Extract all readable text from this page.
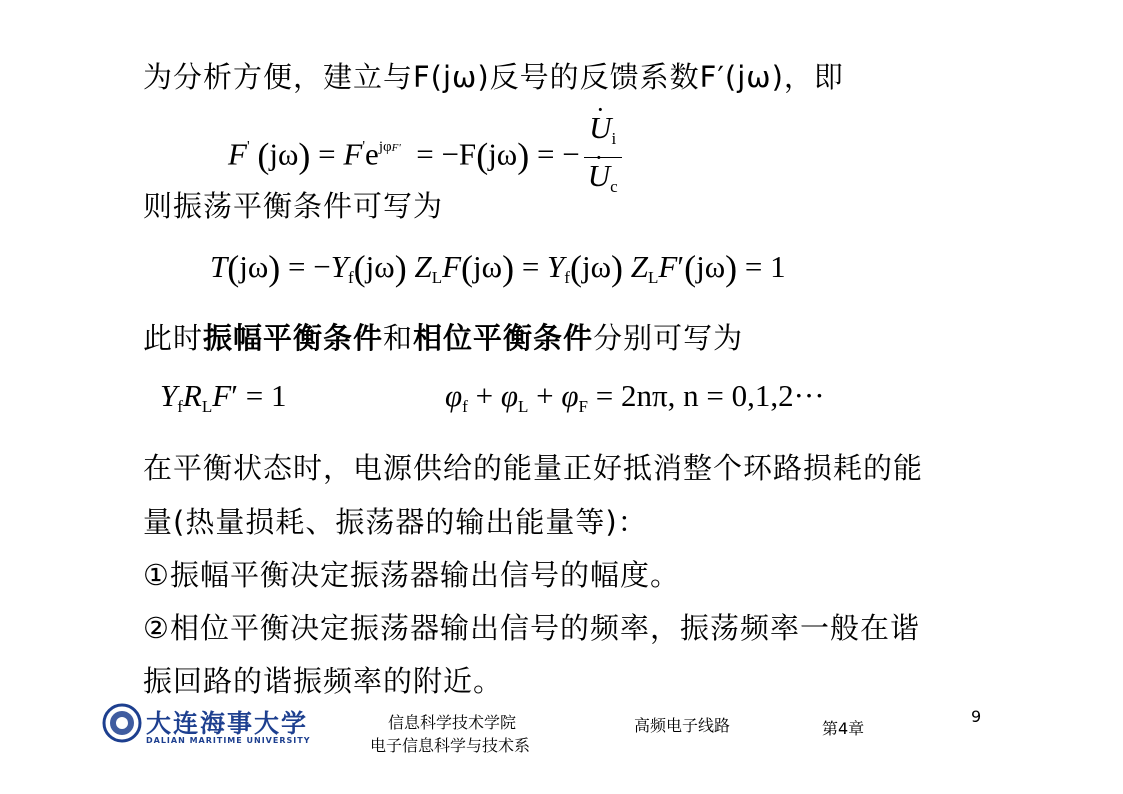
为分析方便，建立与F(jω)反号的反馈系数F′(jω)，即
F' $(j\omega) = F'e^{j\varphi F'} = -F(j\omega)$ = −
· $U_i$
· $U_c$
则振荡平衡条件可写为
$T(j\omega) = -Y_f(j\omega) Z_LF(j\omega) = Y_f(j\omega) Z_LF'(j\omega) = 1$
此时振幅平衡条件和相位平衡条件分别可写为
$Y_fR_LF' = 1$	$\varphi_f + \varphi_L + \varphi_F = 2n\pi$, n = 0,1,2···
在平衡状态时，电源供给的能量正好抵消整个环路损耗的能
量(热量损耗、振荡器的输出能量等)：
①振幅平衡决定振荡器输出信号的幅度。
②相位平衡决定振荡器输出信号的频率，振荡频率一般在谐
振回路的谐振频率的附近。
大连海事大学
DALIAN MARITIME UNIVERSITY
信息科学技术学院
电子信息科学与技术系
高频电子线路	第4章
9
